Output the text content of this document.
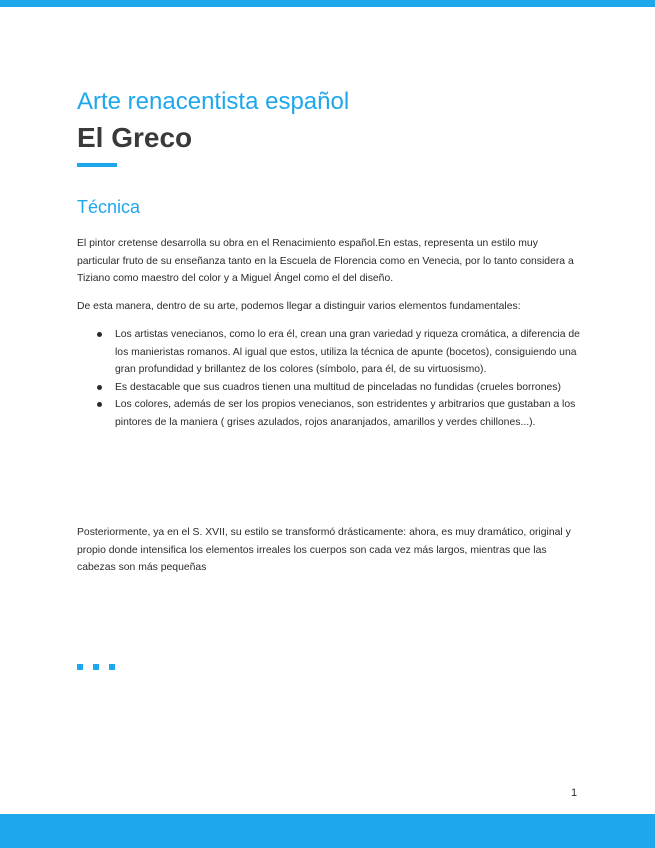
Arte renacentista español
El Greco
Técnica

El pintor cretense desarrolla su obra en el Renacimiento español.En estas, representa un estilo muy particular fruto de su enseñanza tanto en la Escuela de Florencia como en Venecia, por lo tanto considera a Tiziano como maestro del color y a Miguel Ángel como el del diseño.

De esta manera, dentro de su arte, podemos llegar a distinguir varios elementos fundamentales:

Los artistas venecianos, como lo era él, crean una gran variedad y riqueza cromática, a diferencia de los manieristas romanos. Al igual que estos, utiliza la técnica de apunte (bocetos), consiguiendo una gran profundidad y brillantez de los colores (símbolo, para él, de su virtuosismo).
Es destacable que sus cuadros tienen una multitud de pinceladas no fundidas (crueles borrones)
Los colores, además de ser los propios venecianos, son estridentes y arbitrarios que gustaban a los pintores de la maniera ( grises azulados, rojos anaranjados, amarillos y verdes chillones...).

Posteriormente, ya en el S. XVII, su estilo se transformó drásticamente: ahora, es muy dramático, original y propio donde intensifica los elementos irreales los cuerpos son cada vez más largos, mientras que las cabezas son más pequeñas

1
